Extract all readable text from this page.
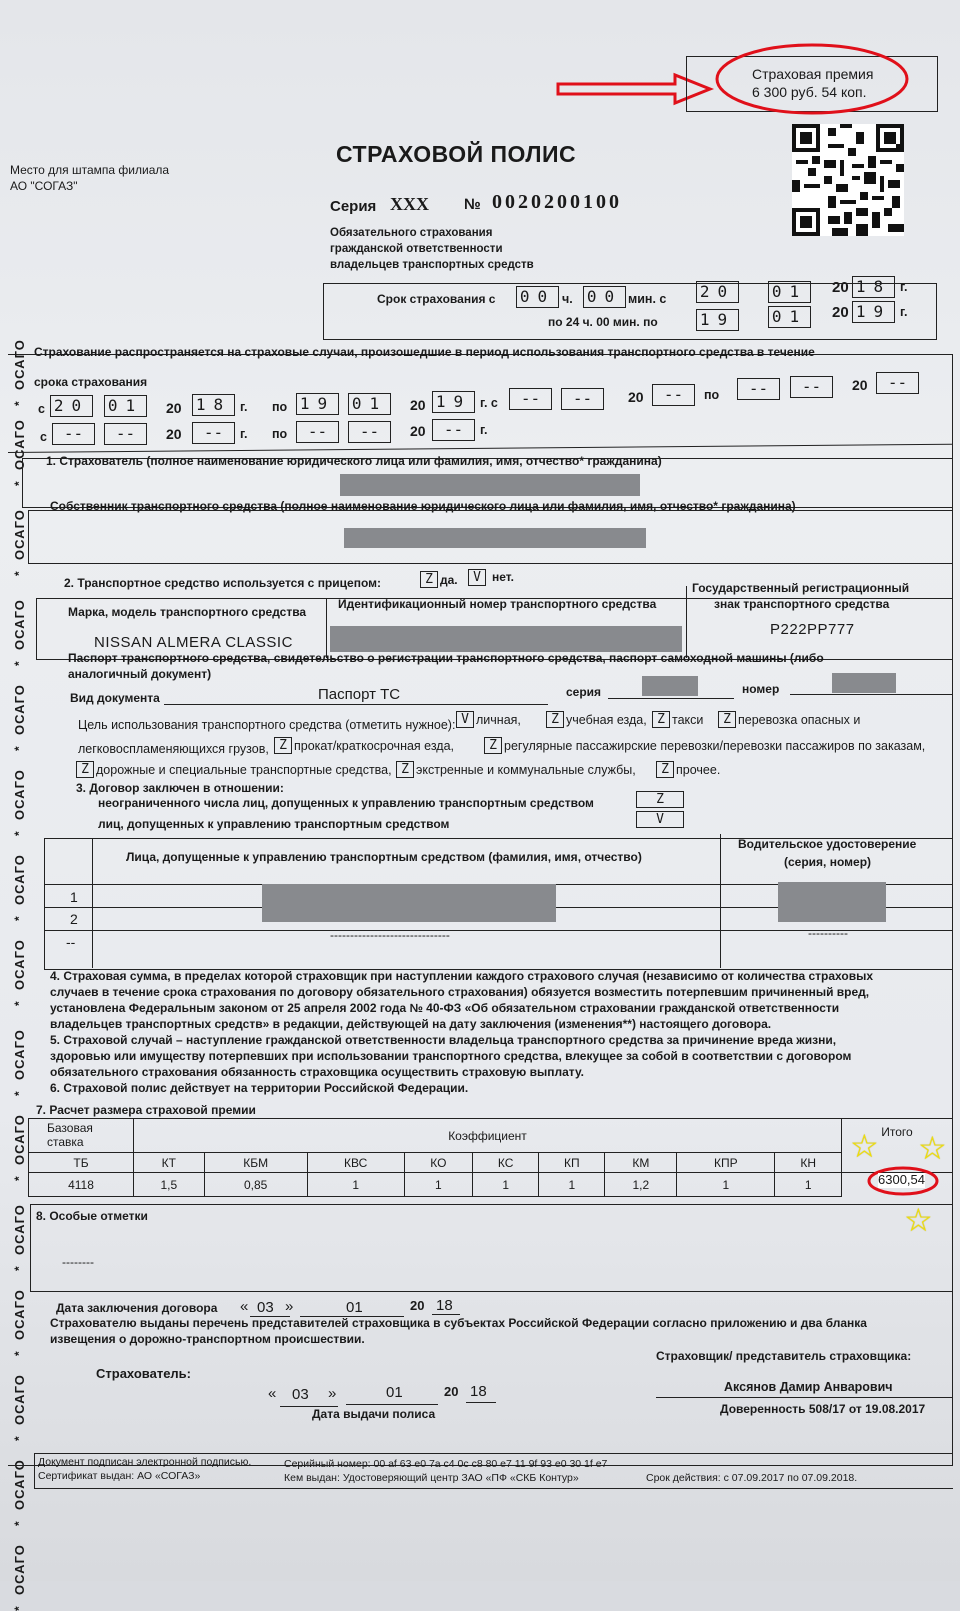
Страховая премия
6 300 руб. 54 коп.
Место для штампа филиала
АО "СОГАЗ"
СТРАХОВОЙ ПОЛИС
Серия XXX № 0020200100
Обязательного страхования
гражданской ответственности
владельцев транспортных средств
Срок страхования с 00 ч. 00 мин. с 20 01 20 18 г.
по 24 ч. 00 мин. по	19 01 20 19 г.
ОСАГО
*
ОСАГО
*
ОСАГО
*
ОСАГО
*
ОСАГО
*
ОСАГО
*
ОСАГО
*
ОСАГО
*
ОСАГО
*
ОСАГО
*
ОСАГО
*
ОСАГО
*
ОСАГО
*
ОСАГО
*
ОСАГО
*
Страхование распространяется на страховые случаи, произошедшие в период использования транспортного средства в течение
срока страхования
с 20 01 20 18 г. по 19 01 20 19 г. с	--	--	20	--	по	--	--	20	--
с	--	--	20	--	г. по	--	--	20	--	г.
1. Страхователь (полное наименование юридического лица или фамилия, имя, отчество* гражданина)
Собственник транспортного средства (полное наименование юридического лица или фамилия, имя, отчество* гражданина)
2. Транспортное средство используется с прицепом:	Z да.	V нет.
Марка, модель транспортного средства
NISSAN ALMERA CLASSIC
Идентификационный номер транспортного средства
Государственный регистрационный
знак транспортного средства
Р222РР777
Паспорт транспортного средства, свидетельство о регистрации транспортного средства, паспорт самоходной машины (либо
аналогичный документ)
Вид документа	Паспорт ТС	серия	номер
Цель использования транспортного средства (отметить нужное):
легковоспламеняющихся грузов,
3. Договор заключен в отношении:
неограниченного числа лиц, допущенных к управлению транспортным средством	Z
лиц, допущенных к управлению транспортным средством	V
Лица, допущенные к управлению транспортным средством (фамилия, имя, отчество)
Водительское удостоверение
(серия, номер)
1
2
--	------------------------------	----------
7. Расчет размера страховой премии
Базовая
ставка	Коэффициент									Итого
ТБ	КТ	КБМ	КВС	КО	КС	КП	КМ	КПР	КН	
4118	1,5	0,85	1	1	1	1	1,2	1	1		6300,54
☆ ☆
☆
8. Особые отметки
--------
Дата заключения договора « 03 »	01	20 18
Страхователю выданы перечень представителей страховщика в субъектах Российской Федерации согласно приложению и два бланка
извещения о дорожно-транспортном происшествии.
Страховщик/ представитель страховщика:
Страхователь:
« 03 »	01	20 18
Дата выдачи полиса
Аксянов Дамир Анварович
Доверенность 508/17 от 19.08.2017
Документ подписан электронной подписью.
Сертификат выдан: АО «СОГАЗ»
Серийный номер: 00 af 63 e0 7a c4 0c c8 80 e7 11 9f 93 e0 30 1f e7
Кем выдан: Удостоверяющий центр ЗАО «ПФ «СКБ Контур»	Срок действия: с 07.09.2017 по 07.09.2018.
V личная,	Z учебная езда, Z такси	Z перевозка опасных и
Z прокат/краткосрочная езда,	Z регулярные пассажирские перевозки/перевозки пассажиров по заказам,
Z дорожные и специальные транспортные средства, Z экстренные и коммунальные службы,	Z прочее.
4. Страховая сумма, в пределах которой страховщик при наступлении каждого страхового случая (независимо от количества страховых
случаев в течение срока страхования по договору обязательного страхования) обязуется возместить потерпевшим причиненный вред,
установлена Федеральным законом от 25 апреля 2002 года № 40-ФЗ «Об обязательном страховании гражданской ответственности
владельцев транспортных средств» в редакции, действующей на дату заключения (изменения**) настоящего договора.
5. Страховой случай – наступление гражданской ответственности владельца транспортного средства за причинение вреда жизни,
здоровью или имуществу потерпевших при использовании транспортного средства, влекущее за собой в соответствии с договором
обязательного страхования обязанность страховщика осуществить страховую выплату.
6. Страховой полис действует на территории Российской Федерации.
